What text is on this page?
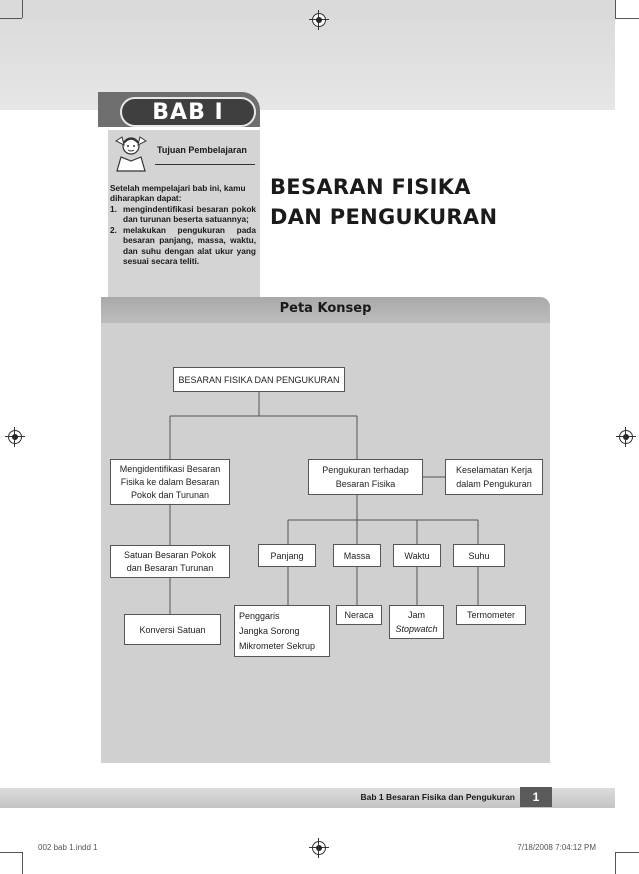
BAB I
Tujuan Pembelajaran
Setelah mempelajari bab ini, kamu diharapkan dapat:
1. mengindentifikasi besaran pokok dan turunan beserta satuannya;
2. melakukan pengukuran pada besaran panjang, massa, waktu, dan suhu dengan alat ukur yang sesuai secara teliti.
BESARAN FISIKA
DAN PENGUKURAN
Peta Konsep
BESARAN FISIKA DAN PENGUKURAN
Mengidentifikasi Besaran
Fisika ke dalam Besaran
Pokok dan Turunan
Pengukuran terhadap
Besaran Fisika
Keselamatan Kerja
dalam Pengukuran
Satuan Besaran Pokok
dan Besaran Turunan
Konversi Satuan
Panjang	Massa	Waktu	Suhu
Penggaris
Jangka Sorong
Mikrometer Sekrup
Neraca	Jam
Stopwatch
Termometer
Bab 1 Besaran Fisika dan Pengukuran	1
002 bab 1.indd 1	7/18/2008 7:04:12 PM
